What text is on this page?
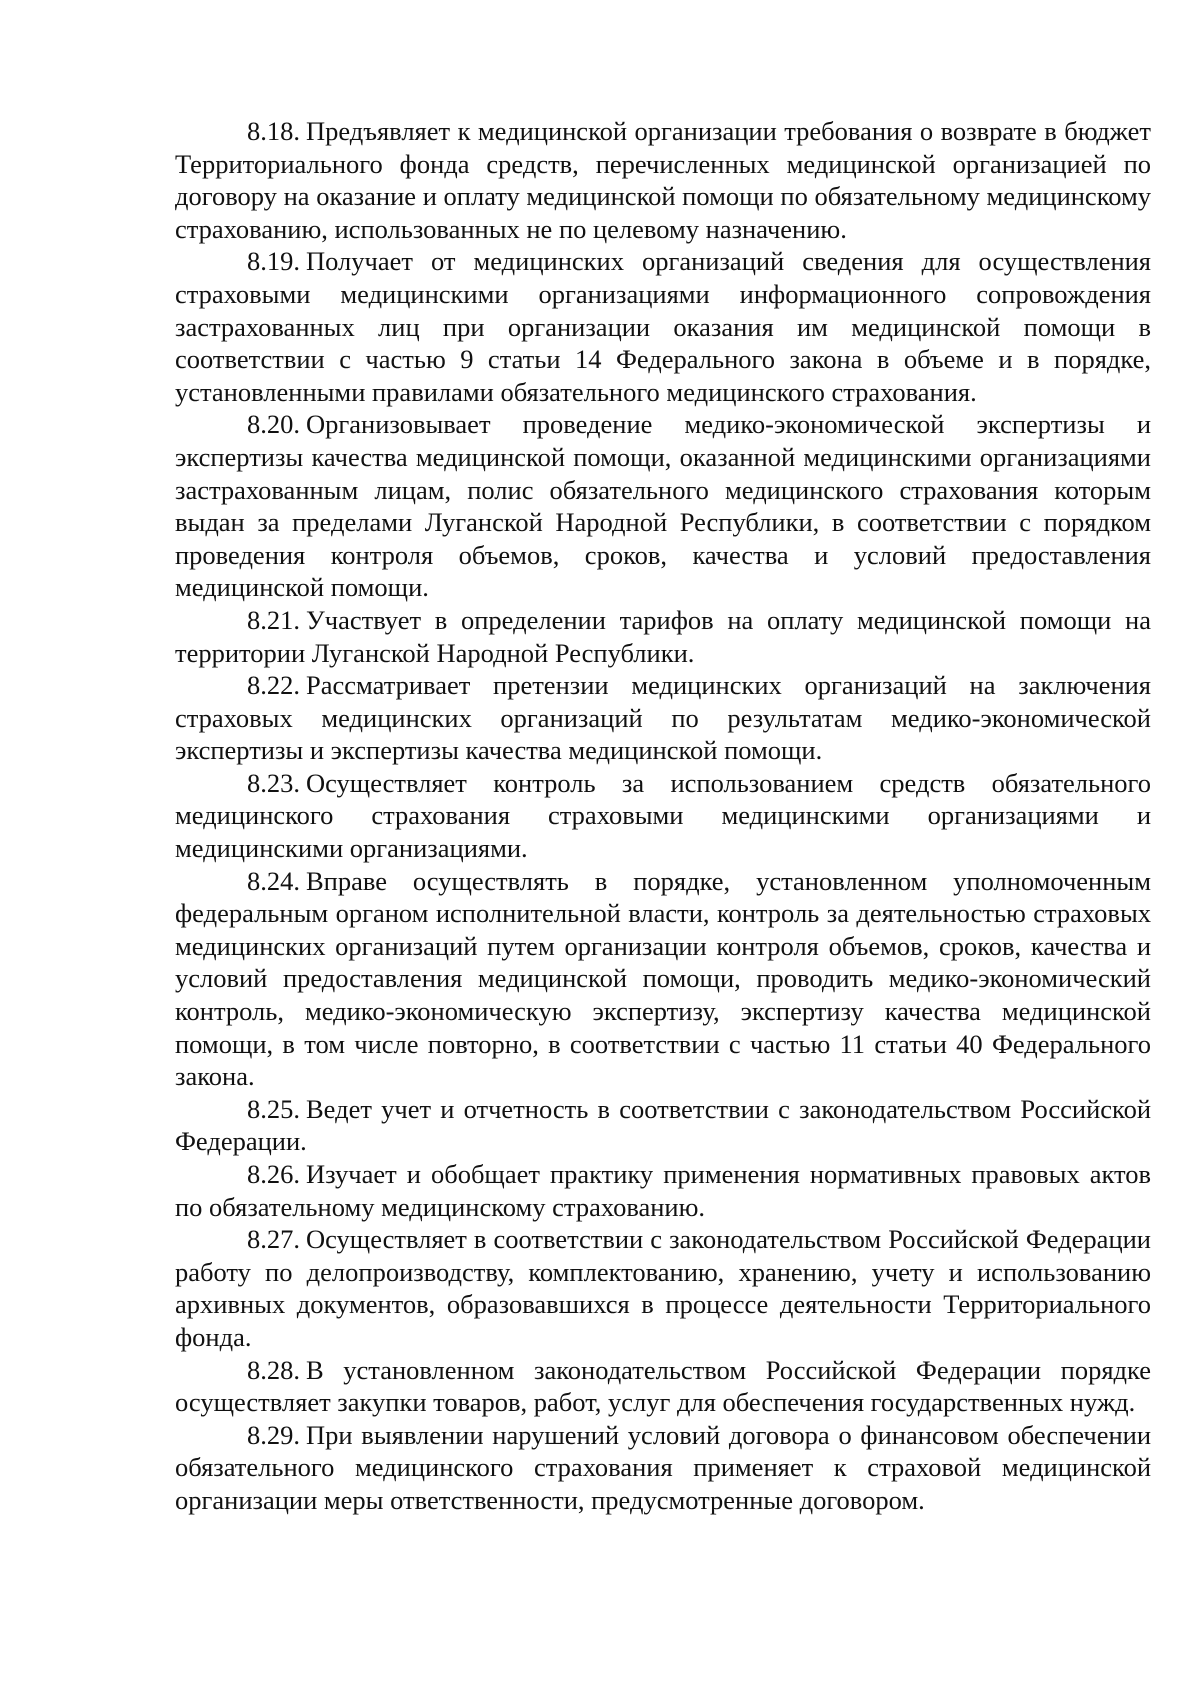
8.18. Предъявляет к медицинской организации требования о возврате в бюджет Территориального фонда средств, перечисленных медицинской организацией по договору на оказание и оплату медицинской помощи по обязательному медицинскому страхованию, использованных не по целевому назначению.

8.19. Получает от медицинских организаций сведения для осуществления страховыми медицинскими организациями информационного сопровождения застрахованных лиц при организации оказания им медицинской помощи в соответствии с частью 9 статьи 14 Федерального закона в объеме и в порядке, установленными правилами обязательного медицинского страхования.

8.20. Организовывает проведение медико-экономической экспертизы и экспертизы качества медицинской помощи, оказанной медицинскими организациями застрахованным лицам, полис обязательного медицинского страхования которым выдан за пределами Луганской Народной Республики, в соответствии с порядком проведения контроля объемов, сроков, качества и условий предоставления медицинской помощи.

8.21. Участвует в определении тарифов на оплату медицинской помощи на территории Луганской Народной Республики.

8.22. Рассматривает претензии медицинских организаций на заключения страховых медицинских организаций по результатам медико-экономической экспертизы и экспертизы качества медицинской помощи.

8.23. Осуществляет контроль за использованием средств обязательного медицинского страхования страховыми медицинскими организациями и медицинскими организациями.

8.24. Вправе осуществлять в порядке, установленном уполномоченным федеральным органом исполнительной власти, контроль за деятельностью страховых медицинских организаций путем организации контроля объемов, сроков, качества и условий предоставления медицинской помощи, проводить медико-экономический контроль, медико-экономическую экспертизу, экспертизу качества медицинской помощи, в том числе повторно, в соответствии с частью 11 статьи 40 Федерального закона.

8.25. Ведет учет и отчетность в соответствии с законодательством Российской Федерации.

8.26. Изучает и обобщает практику применения нормативных правовых актов по обязательному медицинскому страхованию.

8.27. Осуществляет в соответствии с законодательством Российской Федерации работу по делопроизводству, комплектованию, хранению, учету и использованию архивных документов, образовавшихся в процессе деятельности Территориального фонда.

8.28. В установленном законодательством Российской Федерации порядке осуществляет закупки товаров, работ, услуг для обеспечения государственных нужд.

8.29. При выявлении нарушений условий договора о финансовом обеспечении обязательного медицинского страхования применяет к страховой медицинской организации меры ответственности, предусмотренные договором.
